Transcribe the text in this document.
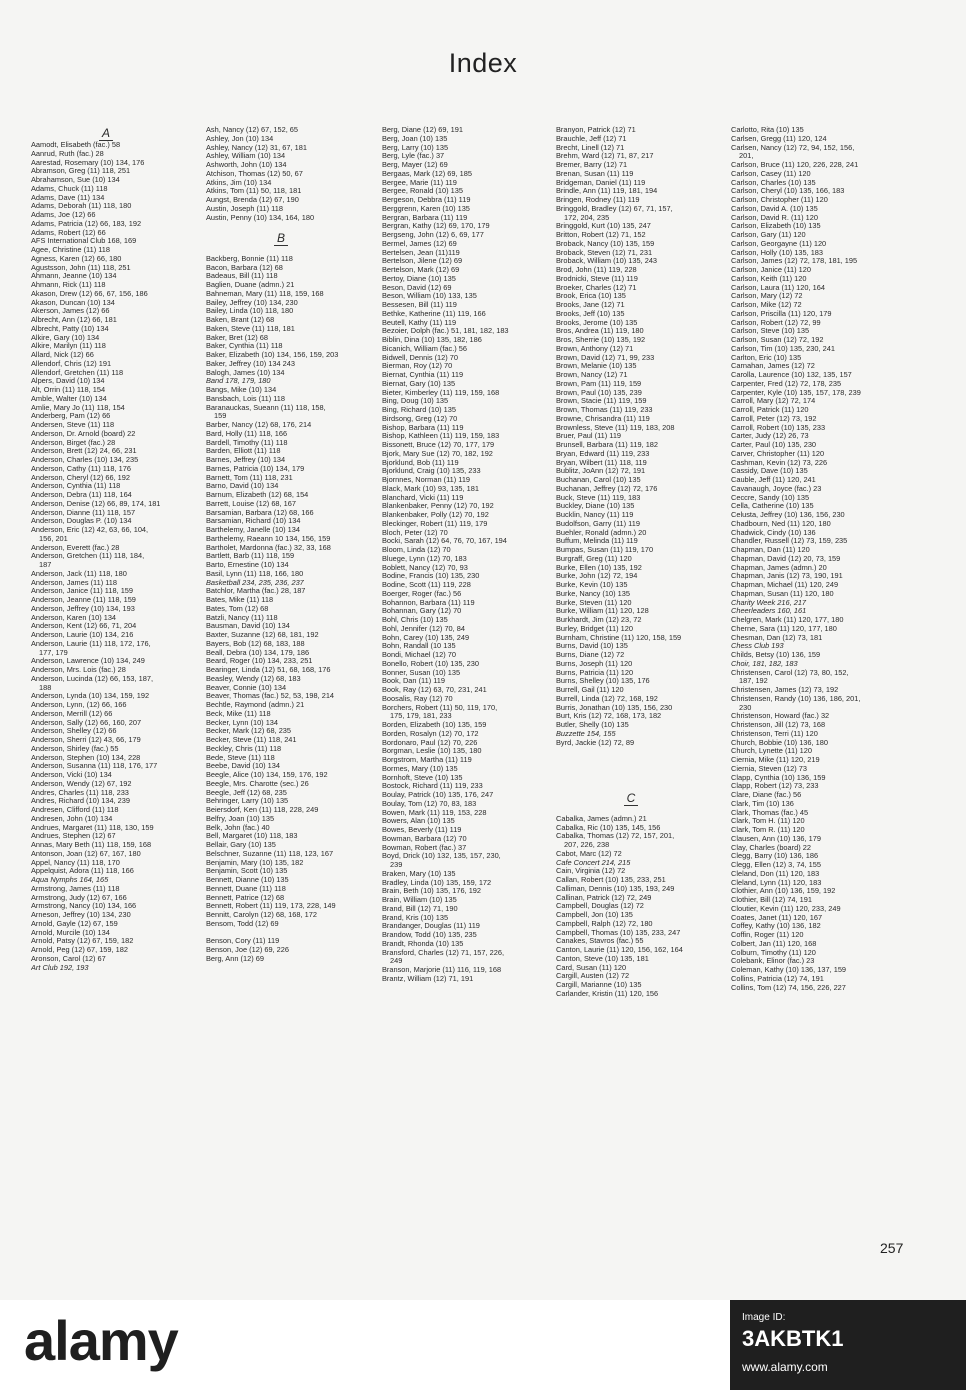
Index
A
Aamodt, Elisabeth (fac.) 58
Aanrud, Ruth (fac.) 28
Aarestad, Rosemary (10) 134, 176
Abramson, Greg (11) 118, 251
Abrahamson, Sue (10) 134
Adams, Chuck (11) 118
Adams, Dave (11) 134
Adams, Deborah (11) 118, 180
Adams, Joe (12) 66
Adams, Patricia (12) 66, 183, 192
Adams, Robert (12) 66
AFS International Club 168, 169
Agee, Christine (11) 118
Agness, Karen (12) 66, 180
Agustsson, John (11) 118, 251
Ahmann, Jeanne (10) 134
Ahmann, Rick (11) 118
Akason, Drew (12) 66, 67, 156, 186
Akason, Duncan (10) 134
Akerson, James (12) 66
Albrecht, Ann (12) 66, 181
Albrecht, Patty (10) 134
Alkire, Gary (10) 134
Alkire, Marilyn (11) 118
Allard, Nick (12) 66
Allendorf, Chris (12) 191
Allendorf, Gretchen (11) 118
Alpers, David (10) 134
Alt, Orrin (11) 118, 154
Amble, Walter (10) 134
Amlie, Mary Jo (11) 118, 154
Anderberg, Pam (12) 66
Andersen, Steve (11) 118
Anderson, Dr. Arnold (board) 22
Anderson, Birget (fac.) 28
Anderson, Brett (12) 24, 66, 231
Anderson, Charles (10) 134, 235
Anderson, Cathy (11) 118, 176
Anderson, Cheryl (12) 66, 192
Anderson, Cynthia (11) 118
Anderson, Debra (11) 118, 164
Anderson, Denise (12) 66, 89, 174, 181
Anderson, Dianne (11) 118, 157
Anderson, Douglas P. (10) 134
Anderson, Eric (12) 42, 63, 66, 104,
156, 201
Anderson, Everett (fac.) 28
Anderson, Gretchen (11) 118, 184,
187
Anderson, Jack (11) 118, 180
Anderson, James (11) 118
Anderson, Janice (11) 118, 159
Anderson, Jeanne (11) 118, 159
Anderson, Jeffrey (10) 134, 193
Anderson, Karen (10) 134
Anderson, Kent (12) 66, 71, 204
Anderson, Laurie (10) 134, 216
Anderson, Laurie (11) 118, 172, 176,
177, 179
Anderson, Lawrence (10) 134, 249
Anderson, Mrs. Lois (fac.) 28
Anderson, Lucinda (12) 66, 153, 187,
188
Anderson, Lynda (10) 134, 159, 192
Anderson, Lynn, (12) 66, 166
Anderson, Merrill (12) 66
Anderson, Sally (12) 66, 160, 207
Anderson, Shelley (12) 66
Anderson, Sherri (12) 43, 66, 179
Anderson, Shirley (fac.) 55
Anderson, Stephen (10) 134, 228
Anderson, Susanna (11) 118, 176, 177
Anderson, Vicki (10) 134
Anderson, Wendy (12) 67, 192
Andres, Charles (11) 118, 233
Andres, Richard (10) 134, 239
Andresen, Clifford (11) 118
Andresen, John (10) 134
Andrues, Margaret (11) 118, 130, 159
Andrues, Stephen (12) 67
Annas, Mary Beth (11) 118, 159, 168
Antonson, Joan (12) 67, 167, 180
Appel, Nancy (11) 118, 170
Appelquist, Adora (11) 118, 166
Aqua Nymphs 164, 165
Armstrong, James (11) 118
Armstrong, Judy (12) 67, 166
Armstrong, Nancy (10) 134, 166
Arneson, Jeffrey (10) 134, 230
Arnold, Gayle (12) 67, 159
Arnold, Murcile (10) 134
Arnold, Patsy (12) 67, 159, 182
Arnold, Peg (12) 67, 159, 182
Aronson, Carol (12) 67
Art Club 192, 193
Ash, Nancy (12) 67, 152, 65
Ashley, Jon (10) 134
Ashley, Nancy (12) 31, 67, 181
Ashley, William (10) 134
Ashworth, John (10) 134
Atchison, Thomas (12) 50, 67
Atkins, Jim (10) 134
Atkins, Tom (11) 50, 118, 181
Aungst, Brenda (12) 67, 190
Austin, Joseph (11) 118
Austin, Penny (10) 134, 164, 180

B

Backberg, Bonnie (11) 118
Bacon, Barbara (12) 68
Badeaus, Bill (11) 118
Baglien, Duane (admn.) 21
Bahneman, Mary (11) 118, 159, 168
Bailey, Jeffrey (10) 134, 230
Bailey, Linda (10) 118, 180
Baken, Brant (12) 68
Baken, Steve (11) 118, 181
Baker, Bret (12) 68
Baker, Cynthia (11) 118
Baker, Elizabeth (10) 134, 156, 159, 203
Baker, Jeffrey (10) 134 243
Balogh, James (10) 134
Band 178, 179, 180
Bangs, Mike (10) 134
Bansbach, Lois (11) 118
Baranauckas, Sueann (11) 118, 158,
159
Barber, Nancy (12) 68, 176, 214
Bard, Holly (11) 118, 166
Bardell, Timothy (11) 118
Barden, Elliott (11) 118
Barnes, Jeffrey (10) 134
Barnes, Patricia (10) 134, 179
Barnett, Tom (11) 118, 231
Barno, David (10) 134
Barnum, Elizabeth (12) 68, 154
Barrett, Louise (12) 68, 167
Barsamian, Barbara (12) 68, 166
Barsamian, Richard (10) 134
Barthelemy, Janelle (10) 134
Barthelemy, Raeann 10 134, 156, 159
Bartholet, Mardonna (fac.) 32, 33, 168
Bartlett, Barb (11) 118, 159
Barto, Ernestine (10) 134
Basil, Lynn (11) 118, 166, 180
Basketball 234, 235, 236, 237
Batchlor, Martha (fac.) 28, 187
Bates, Mike (11) 118
Bates, Tom (12) 68
Batzli, Nancy (11) 118
Bausman, David (10) 134
Baxter, Suzanne (12) 68, 181, 192
Bayers, Bob (12) 68, 183, 188
Beall, Debra (10) 134, 179, 186
Beard, Roger (10) 134, 233, 251
Bearinger, Linda (12) 51, 68, 168, 176
Beasley, Wendy (12) 68, 183
Beaver, Connie (10) 134
Beaver, Thomas (fac.) 52, 53, 198, 214
Bechtle, Raymond (admn.) 21
Beck, Mike (11) 118
Becker, Lynn (10) 134
Becker, Mark (12) 68, 235
Becker, Steve (11) 118, 241
Beckley, Chris (11) 118
Bede, Steve (11) 118
Beebe, David (10) 134
Beegle, Alice (10) 134, 159, 176, 192
Beegle, Mrs. Charotte (sec.) 26
Beegle, Jeff (12) 68, 235
Behringer, Larry (10) 135
Beiersdorf, Ken (11) 118, 228, 249
Belfry, Joan (10) 135
Belk, John (fac.) 40
Bell, Margaret (10) 118, 183
Bellair, Gary (10) 135
Belschner, Suzanne (11) 118, 123, 167
Benjamin, Mary (10) 135, 182
Benjamin, Scott (10) 135
Bennett, Dianne (10) 135
Bennett, Duane (11) 118
Bennett, Patrice (12) 68
Bennett, Robert (11) 119, 173, 228, 149
Bennitt, Carolyn (12) 68, 168, 172
Bensom, Todd (12) 69

Benson, Cory (11) 119
Benson, Joe (12) 69, 226
Berg, Ann (12) 69
Berg, Diane (12) 69, 191
Berg, Joan (10) 135
Berg, Larry (10) 135
Berg, Lyle (fac.) 37
Berg, Mayer (12) 69
Bergaas, Mark (12) 69, 185
Bergee, Marie (11) 119
Bergee, Ronald (10) 135
Bergeson, Debbra (11) 119
Berggrenn, Karen (10) 135
Bergran, Barbara (11) 119
Bergran, Kathy (12) 69, 170, 179
Bergseng, John (12) 6, 69, 177
Bermel, James (12) 69
Bertelsen, Jean (11)119
Bertelson, Jilene (12) 69
Bertelson, Mark (12) 69
Bertoy, Diane (10) 135
Beson, David (12) 69
Beson, William (10) 133, 135
Bessesen, Bill (11) 119
Bethke, Katherine (11) 119, 166
Beutell, Kathy (11) 119
Bezoier, Dolph (fac.) 51, 181, 182, 183
Biblin, Dina (10) 135, 182, 186
Bicanich, William (fac.) 56
Bidwell, Dennis (12) 70
Bierman, Roy (12) 70
Biernat, Cynthia (11) 119
Biernat, Gary (10) 135
Bieter, Kimberley (11) 119, 159, 168
Bing, Doug (10) 135
Bing, Richard (10) 135
Birdsong, Greg (12) 70
Bishop, Barbara (11) 119
Bishop, Kathleen (11) 119, 159, 183
Bissonett, Bruce (12) 70, 177, 179
Bjork, Mary Sue (12) 70, 182, 192
Bjorklund, Bob (11) 119
Bjorklund, Craig (10) 135, 233
Bjornnes, Norman (11) 119
Black, Mark (10) 93, 135, 181
Blanchard, Vicki (11) 119
Blankenbaker, Penny (12) 70, 192
Blankenbaker, Polly (12) 70, 192
Bleckinger, Robert (11) 119, 179
Bloch, Peter (12) 70
Bocki, Sarah (12) 64, 76, 70, 167, 194
Bloom, Linda (12) 70
Bluege, Lynn (12) 70, 183
Boblett, Nancy (12) 70, 93
Bodine, Francis (10) 135, 230
Bodine, Scott (11) 119, 228
Boerger, Roger (fac.) 56
Bohannon, Barbara (11) 119
Bohannan, Gary (12) 70
Bohl, Chris (10) 135
Bohl, Jennifer (12) 70, 84
Bohn, Carey (10) 135, 249
Bohn, Randall (10 135
Bondi, Michael (12) 70
Bonello, Robert (10) 135, 230
Bonner, Susan (10) 135
Book, Dan (11) 119
Book, Ray (12) 63, 70, 231, 241
Boosalis, Ray (12) 70
Borchers, Robert (11) 50, 119, 170,
175, 179, 181, 233
Borden, Elizabeth (10) 135, 159
Borden, Rosalyn (12) 70, 172
Bordonaro, Paul (12) 70, 226
Borgman, Leslie (10) 135, 180
Borgstrom, Martha (11) 119
Bormes, Mary (10) 135
Bornhoft, Steve (10) 135
Bostock, Richard (11) 119, 233
Boulay, Patrick (10) 135, 176, 247
Boulay, Tom (12) 70, 83, 183
Bowen, Mark (11) 119, 153, 228
Bowers, Alan (10) 135
Bowes, Beverly (11) 119
Bowman, Barbara (12) 70
Bowman, Robert (fac.) 37
Boyd, Drick (10) 132, 135, 157, 230,
239
Braken, Mary (10) 135
Bradley, Linda (10) 135, 159, 172
Brain, Beth (10) 135, 176, 192
Brain, William (10) 135
Brand, Bill (12) 71, 190
Brand, Kris (10) 135
Brandanger, Douglas (11) 119
Brandow, Todd (10) 135, 235
Brandt, Rhonda (10) 135
Bransford, Charles (12) 71, 157, 226,
249
Branson, Marjorie (11) 116, 119, 168
Brantz, William (12) 71, 191
Branyon, Patrick (12) 71
Brauchle, Jeff (12) 71
Brecht, Linell (12) 71
Brehm, Ward (12) 71, 87, 217
Bremer, Barry (12) 71
Brenan, Susan (11) 119
Bridgeman, Daniel (11) 119
Brindle, Ann (11) 119, 181, 194
Bringen, Rodney (11) 119
Bringgold, Bradley (12) 67, 71, 157,
172, 204, 235
Bringgold, Kurt (10) 135, 247
Britton, Robert (12) 71, 152
Broback, Nancy (10) 135, 159
Broback, Steven (12) 71, 231
Broback, William (10) 135, 243
Brod, John (11) 119, 228
Brodnicki, Steve (11) 119
Broeker, Charles (12) 71
Brook, Erica (10) 135
Brooks, Jane (12) 71
Brooks, Jeff (10) 135
Brooks, Jerome (10) 135
Bros, Andrea (11) 119, 180
Bros, Sherrie (10) 135, 192
Brown, Anthony (12) 71
Brown, David (12) 71, 99, 233
Brown, Melanie (10) 135
Brown, Nancy (12) 71
Brown, Pam (11) 119, 159
Brown, Paul (10) 135, 239
Brown, Stacie (11) 119, 159
Brown, Thomas (11) 119, 233
Browne, Chrisandra (11) 119
Brownless, Steve (11) 119, 183, 208
Bruer, Paul (11) 119
Brunsell, Barbara (11) 119, 182
Bryan, Edward (11) 119, 233
Bryan, Wilbert (11) 118, 119
Bublitz, JoAnn (12) 72, 191
Buchanan, Carol (10) 135
Buchanan, Jeffrey (12) 72, 176
Buck, Steve (11) 119, 183
Buckley, Diane (10) 135
Bucklin, Nancy (11) 119
Budolfson, Garry (11) 119
Buehler, Ronald (admn.) 20
Buffum, Melinda (11) 119
Bumpas, Susan (11) 119, 170
Burgraff, Greg (11) 120
Burke, Ellen (10) 135, 192
Burke, John (12) 72, 194
Burke, Kevin (10) 135
Burke, Nancy (10) 135
Burke, Steven (11) 120
Burke, William (11) 120, 128
Burkhardt, Jim (12) 23, 72
Burley, Bridget (11) 120
Burnham, Christine (11) 120, 158, 159
Burns, David (10) 135
Burns, Diane (12) 72
Burns, Joseph (11) 120
Burns, Patricia (11) 120
Burns, Shelley (10) 135, 176
Burrell, Gail (11) 120
Burrell, Linda (12) 72, 168, 192
Burris, Jonathan (10) 135, 156, 230
Burt, Kris (12) 72, 168, 173, 182
Butler, Shelly (10) 135
Buzzette 154, 155
Byrd, Jackie (12) 72, 89

C

Cabalka, James (admn.) 21
Cabalka, Ric (10) 135, 145, 156
Cabalka, Thomas (12) 72, 157, 201,
207, 226, 238
Cabot, Marc (12) 72
Cafe Concert 214, 215
Cain, Virginia (12) 72
Callan, Robert (10) 135, 233, 251
Calliman, Dennis (10) 135, 193, 249
Callinan, Patrick (12) 72, 249
Campbell, Douglas (12) 72
Campbell, Jon (10) 135
Campbell, Ralph (12) 72, 180
Campbell, Thomas (10) 135, 233, 247
Canakes, Stavros (fac.) 55
Canton, Laurie (11) 120, 156, 162, 164
Canton, Steve (10) 135, 181
Card, Susan (11) 120
Cargill, Austen (12) 72
Cargill, Marianne (10) 135
Carlander, Kristin (11) 120, 156
Carlotto, Rita (10) 135
Carlsen, Gregg (11) 120, 124
Carlsen, Nancy (12) 72, 94, 152, 156,
201,
Carlson, Bruce (11) 120, 226, 228, 241
Carlson, Casey (11) 120
Carlson, Charles (10) 135
Carlson, Cheryl (10) 135, 166, 183
Carlson, Christopher (11) 120
Carlson, David A. (10) 135
Carlson, David R. (11) 120
Carlson, Elizabeth (10) 135
Carlson, Gary (11) 120
Carlson, Georgayne (11) 120
Carlson, Holly (10) 135, 183
Carlson, James (12) 72, 178, 181, 195
Carlson, Janice (11) 120
Carlson, Keith (11) 120
Carlson, Laura (11) 120, 164
Carlson, Mary (12) 72
Carlson, Mike (12) 72
Carlson, Priscilla (11) 120, 179
Carlson, Robert (12) 72, 99
Carlson, Steve (10) 135
Carlson, Susan (12) 72, 192
Carlson, Tim (10) 135, 230, 241
Carlton, Eric (10) 135
Carnahan, James (12) 72
Carolla, Laurence (10) 132, 135, 157
Carpenter, Fred (12) 72, 178, 235
Carpenter, Kyle (10) 135, 157, 178, 239
Carroll, Mary (12) 72, 174
Carroll, Patrick (11) 120
Carroll, Peter (12) 73, 192
Carroll, Robert (10) 135, 233
Carter, Judy (12) 26, 73
Carter, Paul (10) 135, 230
Carver, Christopher (11) 120
Cashman, Kevin (12) 73, 226
Cassidy, Dave (10) 135
Cauble, Jeff (11) 120, 241
Cavanaugh, Joyce (fac.) 23
Ceccre, Sandy (10) 135
Cella, Catherine (10) 135
Celusta, Jeffrey (10) 136, 156, 230
Chadbourn, Ned (11) 120, 180
Chadwick, Cindy (10) 136
Chandler, Russell (12) 73, 159, 235
Chapman, Dan (11) 120
Chapman, David (12) 20, 73, 159
Chapman, James (admn.) 20
Chapman, Janis (12) 73, 190, 191
Chapman, Michael (11) 120, 249
Chapman, Susan (11) 120, 180
Charity Week 216, 217
Cheerleaders 160, 161
Chelgren, Mark (11) 120, 177, 180
Cherne, Sara (11) 120, 177, 180
Chesman, Dan (12) 73, 181
Chess Club 193
Childs, Betsy (10) 136, 159
Choir, 181, 182, 183
Christensen, Carol (12) 73, 80, 152,
187, 192
Christensen, James (12) 73, 192
Christensen, Randy (10) 136, 186, 201,
230
Christenson, Howard (fac.) 32
Christenson, Jill (12) 73, 168
Christenson, Terri (11) 120
Church, Bobbie (10) 136, 180
Church, Lynette (11) 120
Ciernia, Mike (11) 120, 219
Ciernia, Steven (12) 73
Clapp, Cynthia (10) 136, 159
Clapp, Robert (12) 73, 233
Clare, Diane (fac.) 56
Clark, Tim (10) 136
Clark, Thomas (fac.) 45
Clark, Tom H. (11) 120
Clark, Tom R. (11) 120
Clausen, Ann (10) 136, 179
Clay, Charles (board) 22
Clegg, Barry (10) 136, 186
Clegg, Ellen (12) 3, 74, 155
Cleland, Don (11) 120, 183
Cleland, Lynn (11) 120, 183
Clothier, Ann (10) 136, 159, 192
Clothier, Bill (12) 74, 191
Cloutier, Kevin (11) 120, 233, 249
Coates, Janet (11) 120, 167
Coffey, Kathy (10) 136, 182
Coffin, Roger (11) 120
Colbert, Jan (11) 120, 168
Colburn, Timothy (11) 120
Colebank, Elinor (fac.) 23
Coleman, Kathy (10) 136, 137, 159
Collins, Patricia (12) 74, 191
Collins, Tom (12) 74, 156, 226, 227
257
alamy	Image ID:
3AKBTK1
www.alamy.com
